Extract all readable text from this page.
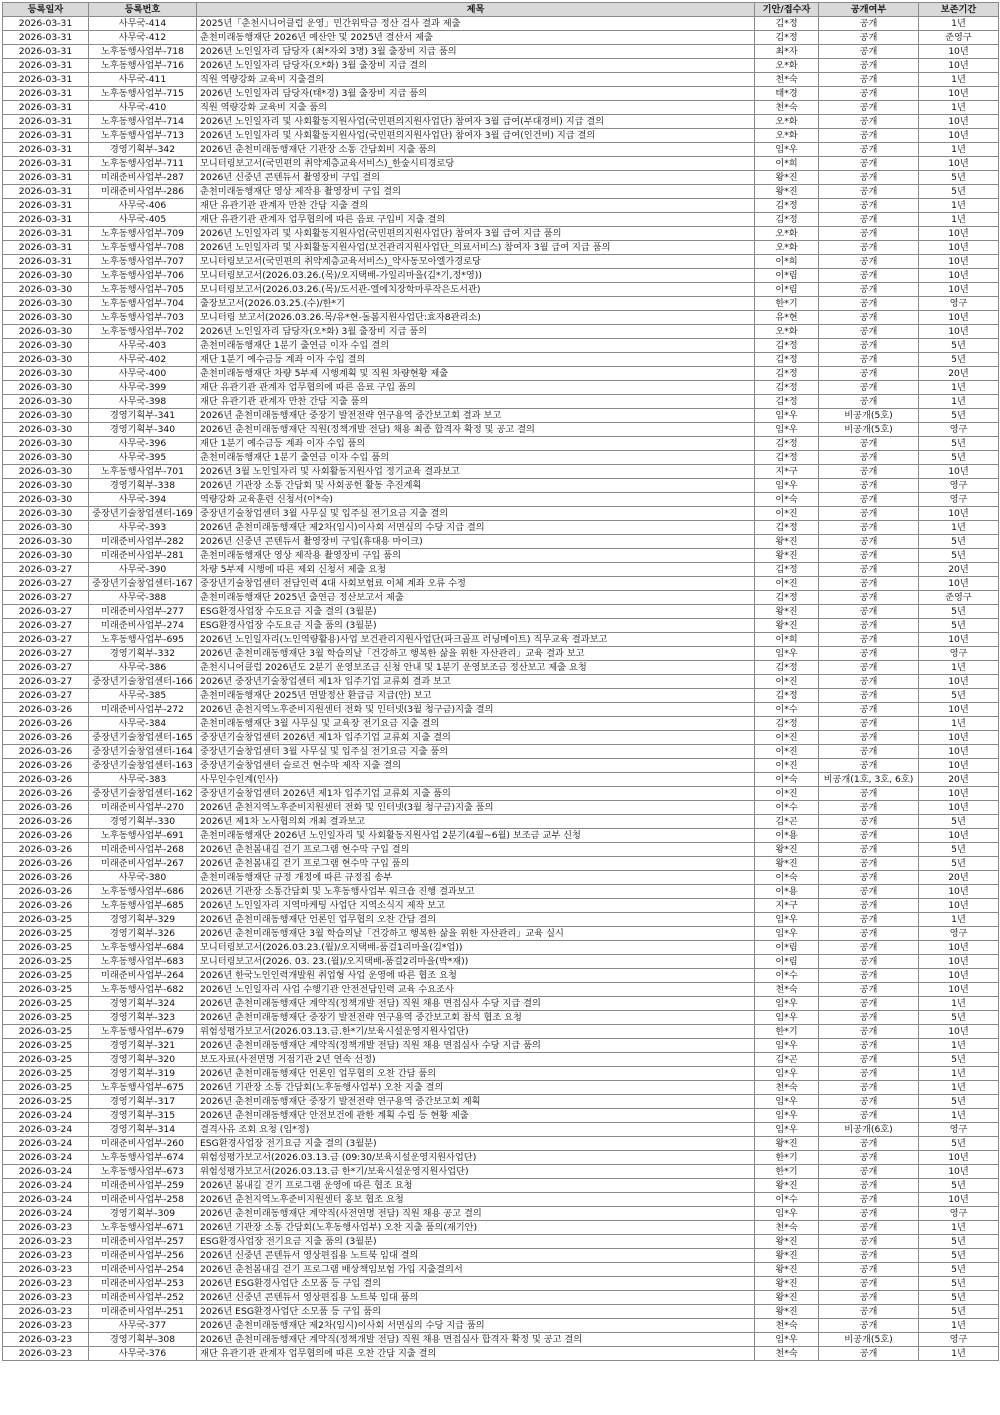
등록일자	등록번호	제목	기안/접수자	공개여부	보존기간
2026-03-31	사무국-414	2025년「춘천시니어클럽 운영」민간위탁금 정산 검사 결과 제출	김*정	공개	1년
2026-03-31	사무국-412	춘천미래동행재단 2026년 예산안 및 2025년 결산서 제출	김*정	공개	준영구
2026-03-31	노후동행사업부-718	2026년 노인일자리 담당자 (최*자외 3명) 3월 출장비 지급 품의	최*자	공개	10년
2026-03-31	노후동행사업부-716	2026년 노인일자리 담당자(오*화) 3월 출장비 지급 결의	오*화	공개	10년
2026-03-31	사무국-411	직원 역량강화 교육비 지출결의	천*숙	공개	1년
2026-03-31	노후동행사업부-715	2026년 노인일자리 담당자(태*경) 3월 출장비 지급 품의	태*경	공개	10년
2026-03-31	사무국-410	직원 역량강화 교육비 지출 품의	천*숙	공개	1년
2026-03-31	노후동행사업부-714	2026년 노인일자리 및 사회활동지원사업(국민편의지원사업단) 참여자 3월 급여(부대경비) 지급 결의	오*화	공개	10년
2026-03-31	노후동행사업부-713	2026년 노인일자리 및 사회활동지원사업(국민편의지원사업단) 참여자 3월 급여(인건비) 지급 결의	오*화	공개	10년
2026-03-31	경영기획부-342	2026년 춘천미래동행재단 기관장 소통 간담회비 지출 품의	임*우	공개	1년
2026-03-31	노후동행사업부-711	모니터링보고서(국민편의 취약계층교육서비스)_한숲시티경로당	이*희	공개	10년
2026-03-31	미래준비사업부-287	2026년 신중년 콘텐듀서 촬영장비 구입 결의	왕*진	공개	5년
2026-03-31	미래준비사업부-286	춘천미래동행재단 영상 제작용 촬영장비 구입 결의	왕*진	공개	5년
2026-03-31	사무국-406	재단 유관기관 관계자 만찬 간담 지출 결의	김*정	공개	1년
2026-03-31	사무국-405	재단 유관기관 관계자 업무협의에 따른 음료 구입비 지출 결의	김*정	공개	1년
2026-03-31	노후동행사업부-709	2026년 노인일자리 및 사회활동지원사업(국민편의지원사업단) 참여자 3월 급여 지급 품의	오*화	공개	10년
2026-03-31	노후동행사업부-708	2026년 노인일자리 및 사회활동지원사업(보건관리지원사업단_의료서비스) 참여자 3월 급여 지급 품의	오*화	공개	10년
2026-03-31	노후동행사업부-707	모니터링보고서(국민편의 취약계층교육서비스)_약사동모아엘가경로당	이*희	공개	10년
2026-03-30	노후동행사업부-706	모니터링보고서(2026.03.26.(목)/오지택배-가일리마을(김*기,정*영))	이*림	공개	10년
2026-03-30	노후동행사업부-705	모니터링보고서(2026.03.26.(목)/도서관-엘에치장학마루작은도서관)	이*림	공개	10년
2026-03-30	노후동행사업부-704	출장보고서(2026.03.25.(수)/한*기	한*기	공개	영구
2026-03-30	노후동행사업부-703	모니터링 보고서(2026.03.26.목/유*현-돌봄지원사업단:효자8관리소)	유*현	공개	10년
2026-03-30	노후동행사업부-702	2026년 노인일자리 담당자(오*화) 3월 출장비 지급 품의	오*화	공개	10년
2026-03-30	사무국-403	춘천미래동행재단 1분기 출연금 이자 수입 결의	김*정	공개	5년
2026-03-30	사무국-402	재단 1분기 예수금등 계좌 이자 수입 결의	김*정	공개	5년
2026-03-30	사무국-400	춘천미래동행재단 차량 5부제 시행계획 및 직원 차량현황 제출	김*정	공개	20년
2026-03-30	사무국-399	재단 유관기관 관계자 업무협의에 따른 음료 구입 품의	김*정	공개	1년
2026-03-30	사무국-398	재단 유관기관 관계자 만찬 간담 지출 품의	김*정	공개	1년
2026-03-30	경영기획부-341	2026년 춘천미래동행재단 중장기 발전전략 연구용역 중간보고회 결과 보고	임*우	비공개(5호)	5년
2026-03-30	경영기획부-340	2026년 춘천미래동행재단 직원(정책개발 전담) 채용 최종 합격자 확정 및 공고 결의	임*우	비공개(5호)	영구
2026-03-30	사무국-396	재단 1분기 예수금등 계좌 이자 수입 품의	김*정	공개	5년
2026-03-30	사무국-395	춘천미래동행재단 1분기 출연금 이자 수입 품의	김*정	공개	5년
2026-03-30	노후동행사업부-701	2026년 3월 노인일자리 및 사회활동지원사업 정기교육 결과보고	지*구	공개	10년
2026-03-30	경영기획부-338	2026년 기관장 소통 간담회 및 사회공헌 활동 추진계획	임*우	공개	영구
2026-03-30	사무국-394	역량강화 교육훈련 신청서(이*숙)	이*숙	공개	영구
2026-03-30	중장년기술창업센터-169	중장년기술창업센터 3월 사무실 및 입주실 전기요금 지출 결의	이*진	공개	10년
2026-03-30	사무국-393	2026년 춘천미래동행재단 제2차(임시)이사회 서면심의 수당 지급 결의	김*정	공개	1년
2026-03-30	미래준비사업부-282	2026년 신중년 콘텐듀서 촬영장비 구입(휴대용 마이크)	왕*진	공개	5년
2026-03-30	미래준비사업부-281	춘천미래동행재단 영상 제작용 촬영장비 구입 품의	왕*진	공개	5년
2026-03-27	사무국-390	차량 5부제 시행에 따른 제외 신청서 제출 요청	김*정	공개	20년
2026-03-27	중장년기술창업센터-167	중장년기술창업센터 전담인력 4대 사회보험료 이체 계좌 오류 수정	이*진	공개	10년
2026-03-27	사무국-388	춘천미래동행재단 2025년 출연금 정산보고서 제출	김*정	공개	준영구
2026-03-27	미래준비사업부-277	ESG환경사업장 수도요금 지출 결의 (3월분)	왕*진	공개	5년
2026-03-27	미래준비사업부-274	ESG환경사업장 수도요금 지출 품의 (3월분)	왕*진	공개	5년
2026-03-27	노후동행사업부-695	2026년 노인일자리(노인역량활용)사업 보건관리지원사업단(파크골프 러닝메이트) 직무교육 결과보고	이*희	공개	10년
2026-03-27	경영기획부-332	2026년 춘천미래동행재단 3월 학습의날「건강하고 행복한 삶을 위한 자산관리」교육 결과 보고	임*우	공개	영구
2026-03-27	사무국-386	춘천시니어클럽 2026년도 2분기 운영보조금 신청 안내 및 1분기 운영보조금 정산보고 제출 요청	김*정	공개	1년
2026-03-27	중장년기술창업센터-166	2026년 중장년기술창업센터 제1차 입주기업 교류회 결과 보고	이*진	공개	10년
2026-03-27	사무국-385	춘천미래동행재단 2025년 연말정산 환급금 지급(안) 보고	김*정	공개	5년
2026-03-26	미래준비사업부-272	2026년 춘천지역노후준비지원센터 전화 및 인터넷(3월 청구금)지출 결의	이*수	공개	10년
2026-03-26	사무국-384	춘천미래동행재단 3월 사무실 및 교육장 전기요금 지출 결의	김*정	공개	1년
2026-03-26	중장년기술창업센터-165	중장년기술창업센터 2026년 제1차 입주기업 교류회 지출 결의	이*진	공개	10년
2026-03-26	중장년기술창업센터-164	중장년기술창업센터 3월 사무실 및 입주실 전기요금 지출 품의	이*진	공개	10년
2026-03-26	중장년기술창업센터-163	중장년기술창업센터 슬로건 현수막 제작 지출 결의	이*진	공개	10년
2026-03-26	사무국-383	사무인수인계(인사)	이*숙	비공개(1호, 3호, 6호)	20년
2026-03-26	중장년기술창업센터-162	중장년기술창업센터 2026년 제1차 입주기업 교류회 지출 품의	이*진	공개	10년
2026-03-26	미래준비사업부-270	2026년 춘천지역노후준비지원센터 전화 및 인터넷(3월 청구금)지출 품의	이*수	공개	10년
2026-03-26	경영기획부-330	2026년 제1차 노사협의회 개최 결과보고	김*곤	공개	5년
2026-03-26	노후동행사업부-691	춘천미래동행재단 2026년 노인일자리 및 사회활동지원사업 2분기(4월~6월) 보조금 교부 신청	이*용	공개	10년
2026-03-26	미래준비사업부-268	2026년 춘천봄내길 걷기 프로그램 현수막 구입 결의	왕*진	공개	5년
2026-03-26	미래준비사업부-267	2026년 춘천봄내길 걷기 프로그램 현수막 구입 품의	왕*진	공개	5년
2026-03-26	사무국-380	춘천미래동행재단 규정 개정에 따른 규정집 송부	이*숙	공개	20년
2026-03-26	노후동행사업부-686	2026년 기관장 소통간담회 및 노후동행사업부 워크숍 진행 결과보고	이*용	공개	10년
2026-03-26	노후동행사업부-685	2026년 노인일자리 지역마케팅 사업단 지역소식지 제작 보고	지*구	공개	10년
2026-03-25	경영기획부-329	2026년 춘천미래동행재단 언론인 업무협의 오찬 간담 결의	임*우	공개	1년
2026-03-25	경영기획부-326	2026년 춘천미래동행재단 3월 학습의날「건강하고 행복한 삶을 위한 자산관리」교육 실시	임*우	공개	영구
2026-03-25	노후동행사업부-684	모니터링보고서(2026.03.23.(월)/오지택배-품걸1리마을(김*업))	이*림	공개	10년
2026-03-25	노후동행사업부-683	모니터링보고서(2026. 03. 23.(월)/오지택배-품걸2리마을(박*재))	이*림	공개	10년
2026-03-25	미래준비사업부-264	2026년 한국노인인력개발원 취업형 사업 운영에 따른 협조 요청	이*수	공개	10년
2026-03-25	노후동행사업부-682	2026년 노인일자리 사업 수행기관 안전전담인력 교육 수요조사	천*숙	공개	10년
2026-03-25	경영기획부-324	2026년 춘천미래동행재단 계약직(정책개발 전담) 직원 채용 면접심사 수당 지급 결의	임*우	공개	1년
2026-03-25	경영기획부-323	2026년 춘천미래동행재단 중장기 발전전략 연구용역 중간보고회 참석 협조 요청	임*우	공개	5년
2026-03-25	노후동행사업부-679	위험성평가보고서(2026.03.13.금.한*기/보육시설운영지원사업단)	한*기	공개	10년
2026-03-25	경영기획부-321	2026년 춘천미래동행재단 계약직(정책개발 전담) 직원 채용 면접심사 수당 지급 품의	임*우	공개	1년
2026-03-25	경영기획부-320	보도자료(사전면명 거점기관 2년 연속 선정)	김*곤	공개	5년
2026-03-25	경영기획부-319	2026년 춘천미래동행재단 언론인 업무협의 오찬 간담 품의	임*우	공개	1년
2026-03-25	노후동행사업부-675	2026년 기관장 소통 간담회(노후동행사업부) 오찬 지출 결의	천*숙	공개	1년
2026-03-25	경영기획부-317	2026년 춘천미래동행재단 중장기 발전전략 연구용역 중간보고회 계획	임*우	공개	5년
2026-03-24	경영기획부-315	2026년 춘천미래동행재단 안전보건에 관한 계획 수립 등 현황 제출	임*우	공개	1년
2026-03-24	경영기획부-314	결격사유 조회 요청 (임*정)	임*우	비공개(6호)	영구
2026-03-24	미래준비사업부-260	ESG환경사업장 전기요금 지출 결의 (3월분)	왕*진	공개	5년
2026-03-24	노후동행사업부-674	위험성평가보고서(2026.03.13.금 (09:30/보육시설운영지원사업단)	한*기	공개	10년
2026-03-24	노후동행사업부-673	위험성평가보고서(2026.03.13.금 한*기/보육시설운영지원사업단)	한*기	공개	10년
2026-03-24	미래준비사업부-259	2026년 봄내길 걷기 프로그램 운영에 따른 협조 요청	왕*진	공개	5년
2026-03-24	미래준비사업부-258	2026년 춘천지역노후준비지원센터 홍보 협조 요청	이*수	공개	10년
2026-03-24	경영기획부-309	2026년 춘천미래동행재단 계약직(사전연명 전담) 직원 채용 공고 결의	임*우	공개	영구
2026-03-23	노후동행사업부-671	2026년 기관장 소통 간담회(노후동행사업부) 오찬 지출 품의(재기안)	천*숙	공개	1년
2026-03-23	미래준비사업부-257	ESG환경사업장 전기요금 지출 품의 (3월분)	왕*진	공개	5년
2026-03-23	미래준비사업부-256	2026년 신중년 콘텐듀서 영상편집용 노트북 임대 결의	왕*진	공개	5년
2026-03-23	미래준비사업부-254	2026년 춘천봄내길 걷기 프로그램 배상책임보험 가입 지출결의서	왕*진	공개	5년
2026-03-23	미래준비사업부-253	2026년 ESG환경사업단 소모품 등 구입 결의	왕*진	공개	5년
2026-03-23	미래준비사업부-252	2026년 신중년 콘텐듀서 영상편집용 노트북 임대 품의	왕*진	공개	5년
2026-03-23	미래준비사업부-251	2026년 ESG환경사업단 소모품 등 구입 품의	왕*진	공개	5년
2026-03-23	사무국-377	2026년 춘천미래동행재단 제2차(임시)이사회 서면심의 수당 지급 품의	천*숙	공개	1년
2026-03-23	경영기획부-308	2026년 춘천미래동행재단 계약직(정책개발 전담) 직원 채용 면접심사 합격자 확정 및 공고 결의	임*우	비공개(5호)	영구
2026-03-23	사무국-376	재단 유관기관 관계자 업무협의에 따른 오찬 간담 지출 결의	천*숙	공개	1년
